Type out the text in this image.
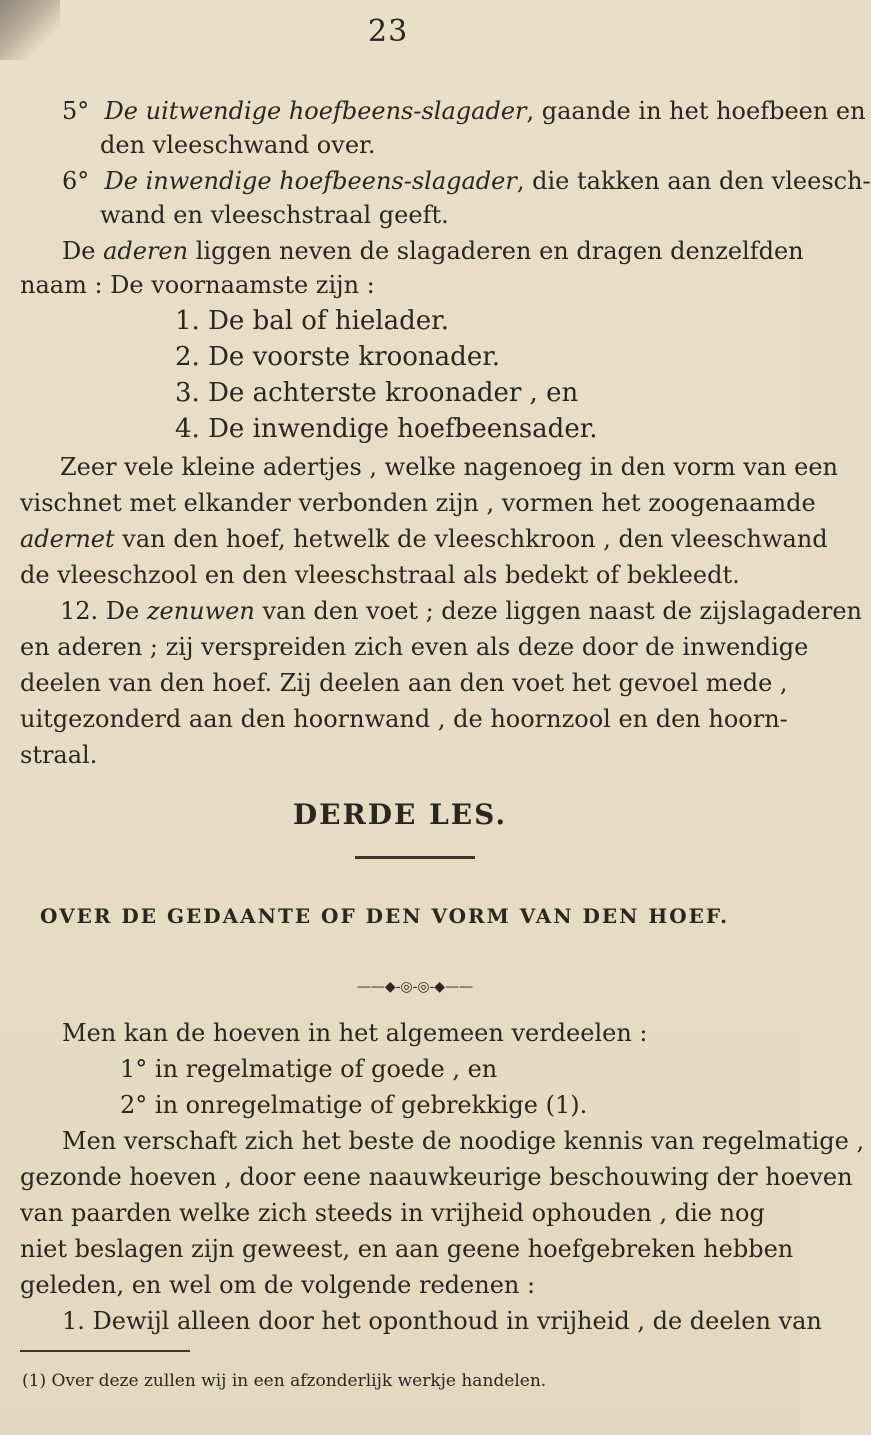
23
5° De uitwendige hoefbeens-slagader, gaande in het hoefbeen en
den vleeschwand over.
6° De inwendige hoefbeens-slagader, die takken aan den vleesch-
wand en vleeschstraal geeft.
De aderen liggen neven de slagaderen en dragen denzelfden
naam : De voornaamste zijn :
1. De bal of hielader.
2. De voorste kroonader.
3. De achterste kroonader , en
4. De inwendige hoefbeensader.
Zeer vele kleine adertjes , welke nagenoeg in den vorm van een
vischnet met elkander verbonden zijn , vormen het zoogenaamde
adernet van den hoef, hetwelk de vleeschkroon , den vleeschwand
de vleeschzool en den vleeschstraal als bedekt of bekleedt.
12. De zenuwen van den voet ; deze liggen naast de zijslagaderen
en aderen ; zij verspreiden zich even als deze door de inwendige
deelen van den hoef. Zij deelen aan den voet het gevoel mede ,
uitgezonderd aan den hoornwand , de hoornzool en den hoorn-
straal.
DERDE LES.
OVER DE GEDAANTE OF DEN VORM VAN DEN HOEF.
——◆-◎-◎-◆——
Men kan de hoeven in het algemeen verdeelen :
1° in regelmatige of goede , en
2° in onregelmatige of gebrekkige (1).
Men verschaft zich het beste de noodige kennis van regelmatige ,
gezonde hoeven , door eene naauwkeurige beschouwing der hoeven
van paarden welke zich steeds in vrijheid ophouden , die nog
niet beslagen zijn geweest, en aan geene hoefgebreken hebben
geleden, en wel om de volgende redenen :
1. Dewijl alleen door het oponthoud in vrijheid , de deelen van
(1) Over deze zullen wij in een afzonderlijk werkje handelen.
